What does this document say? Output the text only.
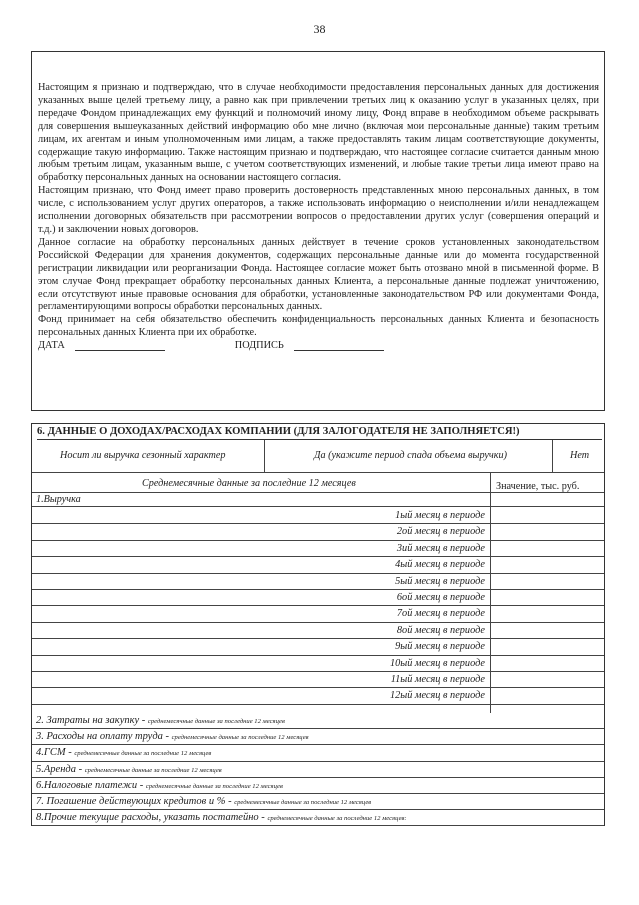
38

Настоящим я признаю и подтверждаю, что в случае необходимости предоставления персональных данных для достижения указанных выше целей третьему лицу, а равно как при привлечении третьих лиц к оказанию услуг в указанных целях, при передаче Фондом принадлежащих ему функций и полномочий иному лицу, Фонд вправе в необходимом объеме раскрывать для совершения вышеуказанных действий информацию обо мне лично (включая мои персональные данные) таким третьим лицам, их агентам и иным уполномоченным ими лицам, а также предоставлять таким лицам соответствующие документы, содержащие такую информацию. Также настоящим признаю и подтверждаю, что настоящее согласие считается данным мною любым третьим лицам, указанным выше, с учетом соответствующих изменений, и любые такие третьи лица имеют право на обработку персональных данных на основании настоящего согласия.

Настоящим признаю, что Фонд имеет право проверить достоверность представленных мною персональных данных, в том числе, с использованием услуг других операторов, а также использовать информацию о неисполнении и/или ненадлежащем исполнении договорных обязательств при рассмотрении вопросов о предоставлении других услуг (совершения операций и т.д.) и заключении новых договоров.

Данное согласие на обработку персональных данных действует в течение сроков установленных законодательством Российской Федерации для хранения документов, содержащих персональные данные или до момента государственной регистрации ликвидации или реорганизации Фонда. Настоящее согласие может быть отозвано мной в письменной форме. В этом случае Фонд прекращает обработку персональных данных Клиента, а персональные данные подлежат уничтожению, если отсутствуют иные правовые основания для обработки, установленные законодательством РФ или документами Фонда, регламентирующими вопросы обработки персональных данных.

Фонд принимает на себя обязательство обеспечить конфиденциальность персональных данных Клиента и безопасность персональных данных Клиента при их обработке.

ДАТА	ПОДПИСЬ
6. ДАННЫЕ О ДОХОДАХ/РАСХОДАХ КОМПАНИИ (ДЛЯ ЗАЛОГОДАТЕЛЯ НЕ ЗАПОЛНЯЕТСЯ!)
Носит ли выручка сезонный характер	Да (укажите период спада объема выручки)	Нет
Среднемесячные данные за последние 12 месяцев	Значение, тыс. руб.
1.Выручка
1ый месяц в периоде
2ой месяц в периоде
3ий месяц в периоде
4ый месяц в периоде
5ый месяц в периоде
6ой месяц в периоде
7ой месяц в периоде
8ой месяц в периоде
9ый месяц в периоде
10ый месяц в периоде
11ый месяц в периоде
12ый месяц в периоде
2. Затраты на закупку - среднемесячные данные за последние 12 месяцев
3. Расходы на оплату труда - среднемесячные данные за последние 12 месяцев
4.ГСМ - среднемесячные данные за последние 12 месяцев
5.Аренда - среднемесячные данные за последние 12 месяцев
6.Налоговые платежи - среднемесячные данные за последние 12 месяцев
7. Погашение действующих кредитов и % - среднемесячные данные за последние 12 месяцев
8.Прочие текущие расходы, указать постатейно - среднемесячные данные за последние 12 месяцев:
